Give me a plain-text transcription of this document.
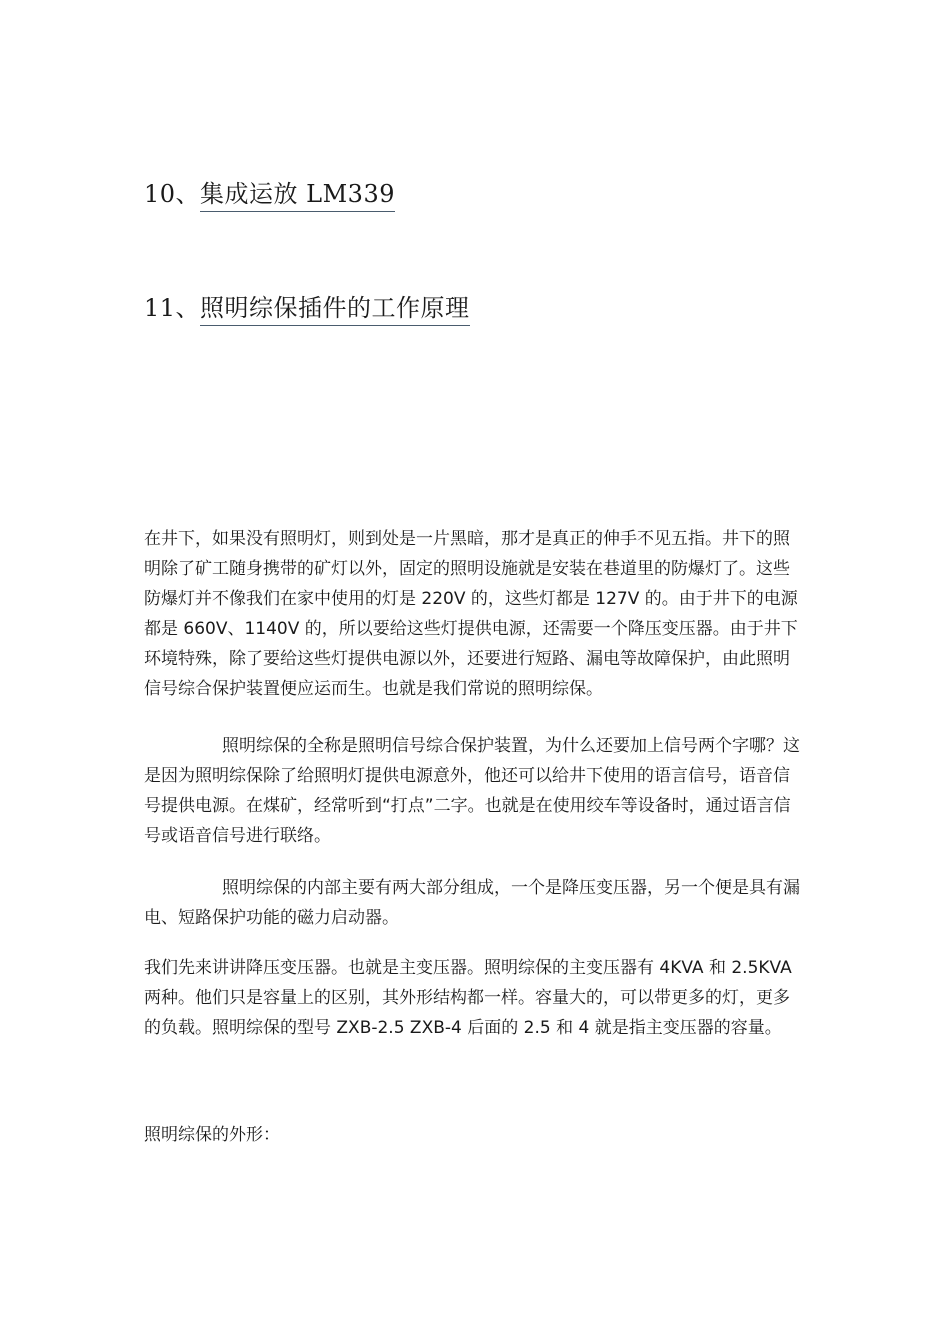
10、集成运放 LM339
11、照明综保插件的工作原理

在井下，如果没有照明灯，则到处是一片黑暗，那才是真正的伸手不见五指。井下的照明除了矿工随身携带的矿灯以外，固定的照明设施就是安装在巷道里的防爆灯了。这些防爆灯并不像我们在家中使用的灯是 220V 的，这些灯都是 127V 的。由于井下的电源都是 660V、1140V 的，所以要给这些灯提供电源，还需要一个降压变压器。由于井下环境特殊，除了要给这些灯提供电源以外，还要进行短路、漏电等故障保护，由此照明信号综合保护装置便应运而生。也就是我们常说的照明综保。

照明综保的全称是照明信号综合保护装置，为什么还要加上信号两个字哪？这是因为照明综保除了给照明灯提供电源意外，他还可以给井下使用的语言信号，语音信号提供电源。在煤矿，经常听到“打点”二字。也就是在使用绞车等设备时，通过语言信号或语音信号进行联络。

照明综保的内部主要有两大部分组成，一个是降压变压器，另一个便是具有漏电、短路保护功能的磁力启动器。

我们先来讲讲降压变压器。也就是主变压器。照明综保的主变压器有 4KVA 和 2.5KVA 两种。他们只是容量上的区别，其外形结构都一样。容量大的，可以带更多的灯，更多的负载。照明综保的型号 ZXB-2.5 ZXB-4 后面的 2.5 和 4 就是指主变压器的容量。

照明综保的外形：
